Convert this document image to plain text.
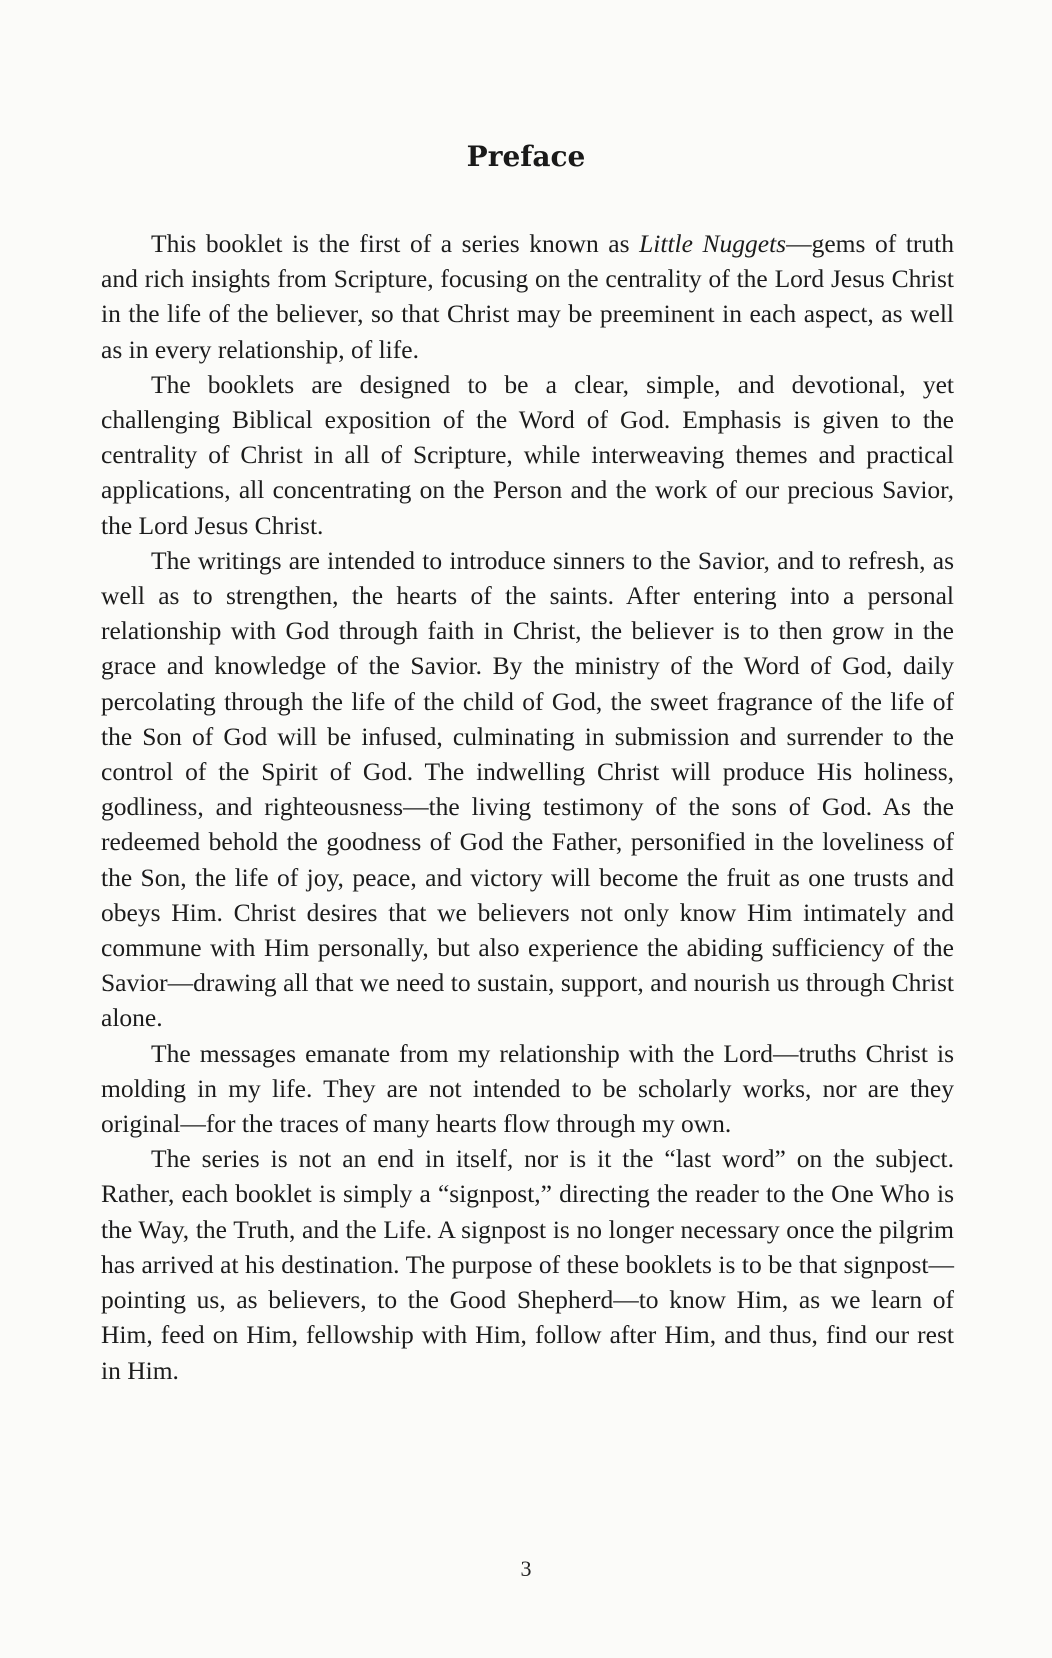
Preface

This booklet is the first of a series known as Little Nuggets—gems of truth and rich insights from Scripture, focusing on the centrality of the Lord Jesus Christ in the life of the believer, so that Christ may be preeminent in each aspect, as well as in every relationship, of life.

The booklets are designed to be a clear, simple, and devotional, yet challenging Biblical exposition of the Word of God. Emphasis is given to the centrality of Christ in all of Scripture, while interweaving themes and practical applications, all concentrating on the Person and the work of our precious Savior, the Lord Jesus Christ.

The writings are intended to introduce sinners to the Savior, and to refresh, as well as to strengthen, the hearts of the saints. After entering into a personal relationship with God through faith in Christ, the believer is to then grow in the grace and knowledge of the Savior. By the ministry of the Word of God, daily percolating through the life of the child of God, the sweet fragrance of the life of the Son of God will be infused, culminating in submission and surrender to the control of the Spirit of God. The indwelling Christ will produce His holiness, godliness, and righteousness—the living testimony of the sons of God. As the redeemed behold the goodness of God the Father, personified in the loveliness of the Son, the life of joy, peace, and victory will become the fruit as one trusts and obeys Him. Christ desires that we believers not only know Him intimately and commune with Him personally, but also experience the abiding sufficiency of the Savior—drawing all that we need to sustain, support, and nourish us through Christ alone.

The messages emanate from my relationship with the Lord—truths Christ is molding in my life. They are not intended to be scholarly works, nor are they original—for the traces of many hearts flow through my own.

The series is not an end in itself, nor is it the “last word” on the subject. Rather, each booklet is simply a “signpost,” directing the reader to the One Who is the Way, the Truth, and the Life. A signpost is no longer necessary once the pilgrim has arrived at his destination. The purpose of these booklets is to be that signpost—pointing us, as believers, to the Good Shepherd—to know Him, as we learn of Him, feed on Him, fellowship with Him, follow after Him, and thus, find our rest in Him.

3
